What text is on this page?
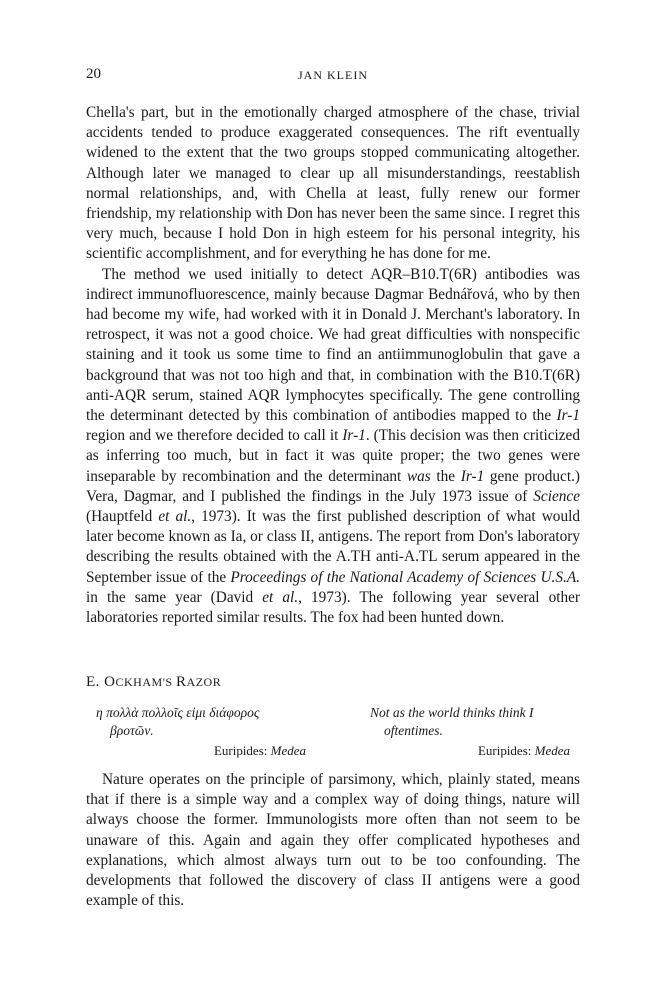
20	JAN KLEIN

Chella's part, but in the emotionally charged atmosphere of the chase, trivial accidents tended to produce exaggerated consequences. The rift eventually widened to the extent that the two groups stopped communicating altogether. Although later we managed to clear up all misunderstandings, reestablish normal relationships, and, with Chella at least, fully renew our former friendship, my relationship with Don has never been the same since. I regret this very much, because I hold Don in high esteem for his personal integrity, his scientific accomplishment, and for everything he has done for me.

The method we used initially to detect AQR–B10.T(6R) antibodies was indirect immunofluorescence, mainly because Dagmar Bednářová, who by then had become my wife, had worked with it in Donald J. Merchant's laboratory. In retrospect, it was not a good choice. We had great difficulties with nonspecific staining and it took us some time to find an antiimmunoglobulin that gave a background that was not too high and that, in combination with the B10.T(6R) anti-AQR serum, stained AQR lymphocytes specifically. The gene controlling the determinant detected by this combination of antibodies mapped to the Ir-1 region and we therefore decided to call it Ir-1. (This decision was then criticized as inferring too much, but in fact it was quite proper; the two genes were inseparable by recombination and the determinant was the Ir-1 gene product.) Vera, Dagmar, and I published the findings in the July 1973 issue of Science (Hauptfeld et al., 1973). It was the first published description of what would later become known as Ia, or class II, antigens. The report from Don's laboratory describing the results obtained with the A.TH anti-A.TL serum appeared in the September issue of the Proceedings of the National Academy of Sciences U.S.A. in the same year (David et al., 1973). The following year several other laboratories reported similar results. The fox had been hunted down.

E. OCKHAM'S RAZOR
η πολλὰ πολλοῖς εἰμι διάφορος
βροτῶν.
Euripides: Medea
Not as the world thinks think I
oftentimes.
Euripides: Medea

Nature operates on the principle of parsimony, which, plainly stated, means that if there is a simple way and a complex way of doing things, nature will always choose the former. Immunologists more often than not seem to be unaware of this. Again and again they offer complicated hypotheses and explanations, which almost always turn out to be too confounding. The developments that followed the discovery of class II antigens were a good example of this.
